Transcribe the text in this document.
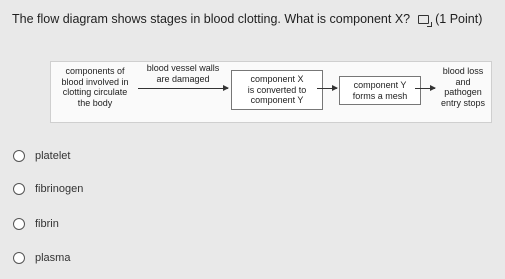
The flow diagram shows stages in blood clotting. What is component X? (1 Point)
components of
blood involved in
clotting circulate
the body
blood vessel walls
are damaged	component X
is converted to
component Y
component Y
forms a mesh
blood loss
and
pathogen
entry stops
platelet
fibrinogen
fibrin
plasma
